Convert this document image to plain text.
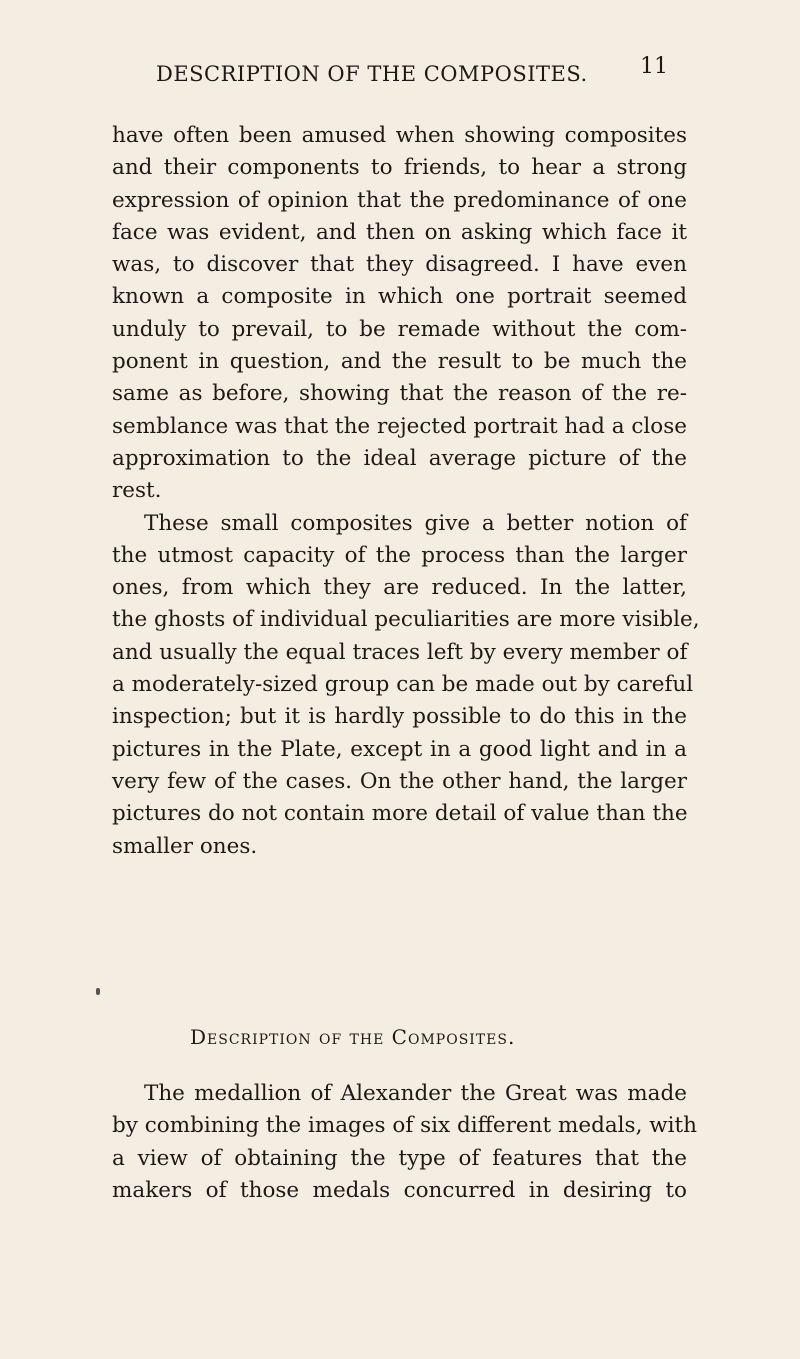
DESCRIPTION OF THE COMPOSITES. 11
have often been amused when showing composites
and their components to friends, to hear a strong
expression of opinion that the predominance of one
face was evident, and then on asking which face it
was, to discover that they disagreed. I have even
known a composite in which one portrait seemed
unduly to prevail, to be remade without the com-
ponent in question, and the result to be much the
same as before, showing that the reason of the re-
semblance was that the rejected portrait had a close
approximation to the ideal average picture of the
rest.
These small composites give a better notion of
the utmost capacity of the process than the larger
ones, from which they are reduced. In the latter,
the ghosts of individual peculiarities are more visible,
and usually the equal traces left by every member of
a moderately-sized group can be made out by careful
inspection; but it is hardly possible to do this in the
pictures in the Plate, except in a good light and in a
very few of the cases. On the other hand, the larger
pictures do not contain more detail of value than the
smaller ones.
Description of the Composites.
The medallion of Alexander the Great was made
by combining the images of six different medals, with
a view of obtaining the type of features that the
makers of those medals concurred in desiring to
